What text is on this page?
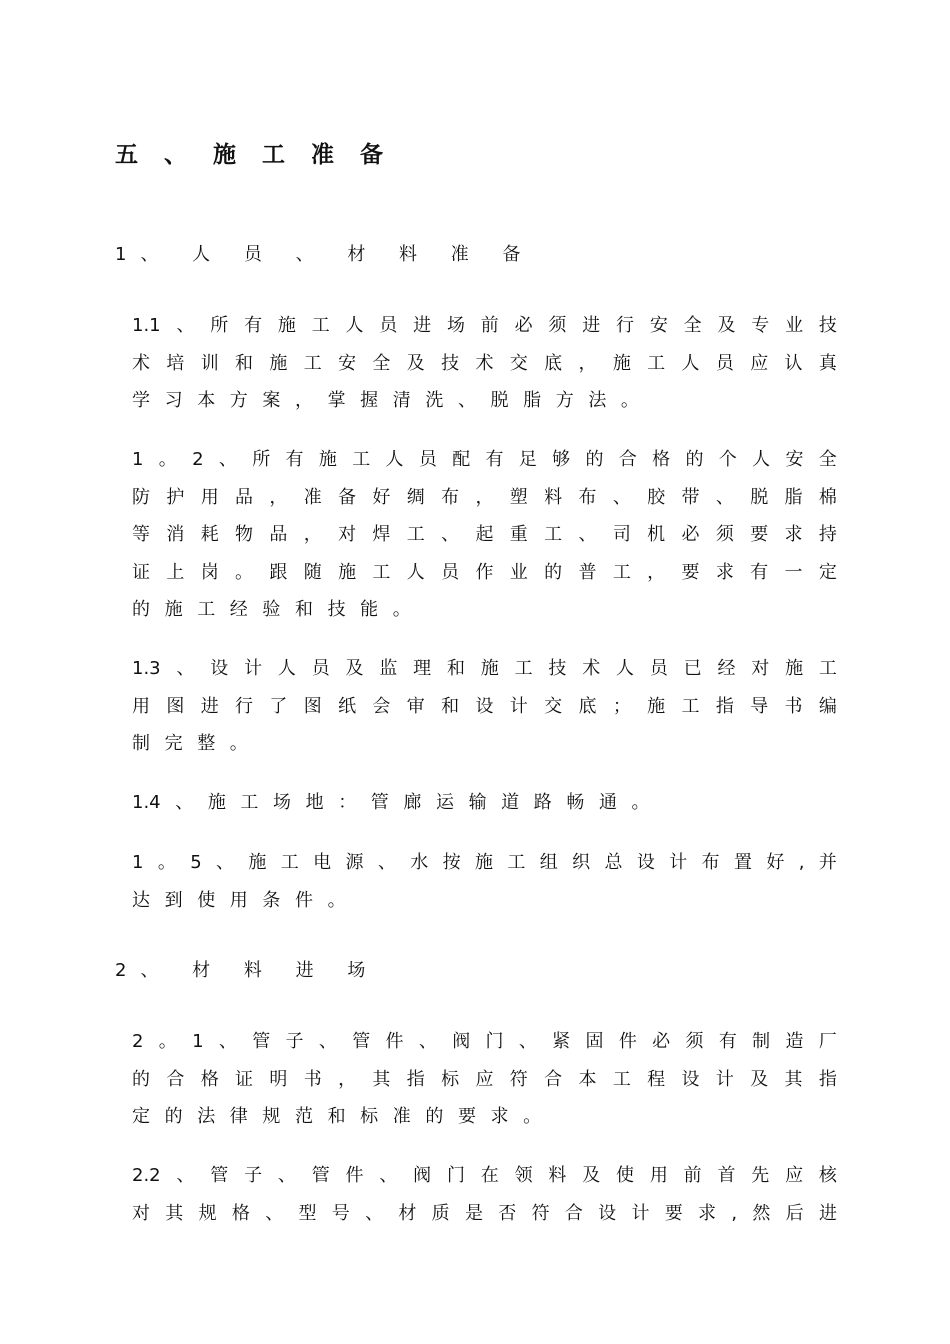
五 、 施 工 准 备
1、 人 员 、 材 料 准 备
1.1 、 所 有 施 工 人 员 进 场 前 必 须 进 行 安 全 及 专 业 技
术 培 训 和 施 工 安 全 及 技 术 交 底 ， 施 工 人 员 应 认 真
学 习 本 方 案 ， 掌 握 清 洗 、 脱 脂 方 法 。
1 。 2 、 所 有 施 工 人 员 配 有 足 够 的 合 格 的 个 人 安 全
防 护 用 品 ， 准 备 好 绸 布 ， 塑 料 布 、 胶 带 、 脱 脂 棉
等 消 耗 物 品 ， 对 焊 工 、 起 重 工 、 司 机 必 须 要 求 持
证 上 岗 。 跟 随 施 工 人 员 作 业 的 普 工 ， 要 求 有 一 定
的 施 工 经 验 和 技 能 。
1.3 、 设 计 人 员 及 监 理 和 施 工 技 术 人 员 已 经 对 施 工
用 图 进 行 了 图 纸 会 审 和 设 计 交 底 ； 施 工 指 导 书 编
制 完 整 。
1.4 、 施 工 场 地 ： 管 廊 运 输 道 路 畅 通 。
1 。 5 、 施 工 电 源 、 水 按 施 工 组 织 总 设 计 布 置 好 , 并
达 到 使 用 条 件 。
2、 材 料 进 场
2 。 1 、 管 子 、 管 件 、 阀 门 、 紧 固 件 必 须 有 制 造 厂
的 合 格 证 明 书 ， 其 指 标 应 符 合 本 工 程 设 计 及 其 指
定 的 法 律 规 范 和 标 准 的 要 求 。
2.2 、 管 子 、 管 件 、 阀 门 在 领 料 及 使 用 前 首 先 应 核
对 其 规 格 、 型 号 、 材 质 是 否 符 合 设 计 要 求 , 然 后 进
